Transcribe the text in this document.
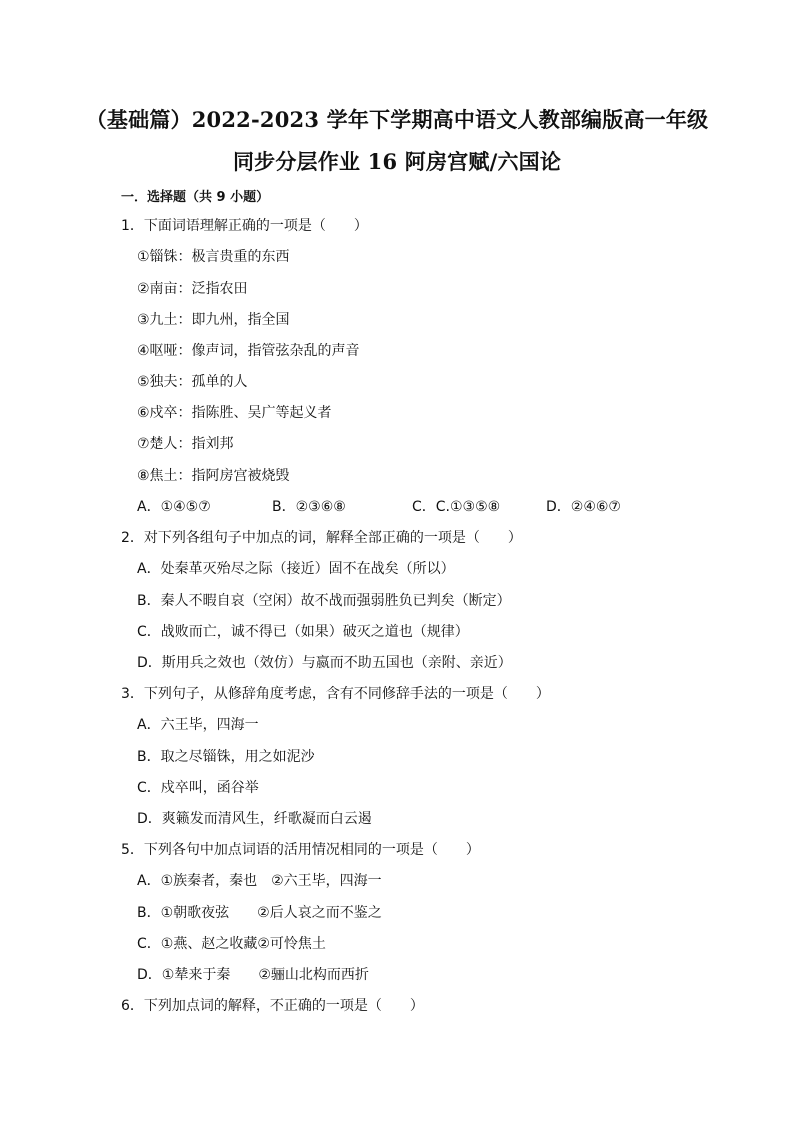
（基础篇）2022-2023 学年下学期高中语文人教部编版高一年级
同步分层作业 16 阿房宫赋/六国论
一．选择题（共 9 小题）
1．下面词语理解正确的一项是（　　）
①锱铢：极言贵重的东西
②南亩：泛指农田
③九土：即九州，指全国
④呕哑：像声词，指管弦杂乱的声音
⑤独夫：孤单的人
⑥戍卒：指陈胜、吴广等起义者
⑦楚人：指刘邦
⑧焦土：指阿房宫被烧毁
A．①④⑤⑦	B．②③⑥⑧	C．C.①③⑤⑧	D．②④⑥⑦
2．对下列各组句子中加点的词，解释全部正确的一项是（　　）
A．处秦革灭殆尽之际（接近）固不在战矣（所以）
B．秦人不暇自哀（空闲）故不战而强弱胜负已判矣（断定）
C．战败而亡，诚不得已（如果）破灭之道也（规律）
D．斯用兵之效也（效仿）与嬴而不助五国也（亲附、亲近）
3．下列句子，从修辞角度考虑，含有不同修辞手法的一项是（　　）
A．六王毕，四海一
B．取之尽锱铢，用之如泥沙
C．戍卒叫，函谷举
D．爽籁发而清风生，纤歌凝而白云遏
5．下列各句中加点词语的活用情况相同的一项是（　　）
A．①族秦者，秦也　②六王毕，四海一
B．①朝歌夜弦　　②后人哀之而不鉴之
C．①燕、赵之收藏②可怜焦土
D．①辇来于秦　　②骊山北构而西折
6．下列加点词的解释，不正确的一项是（　　）
